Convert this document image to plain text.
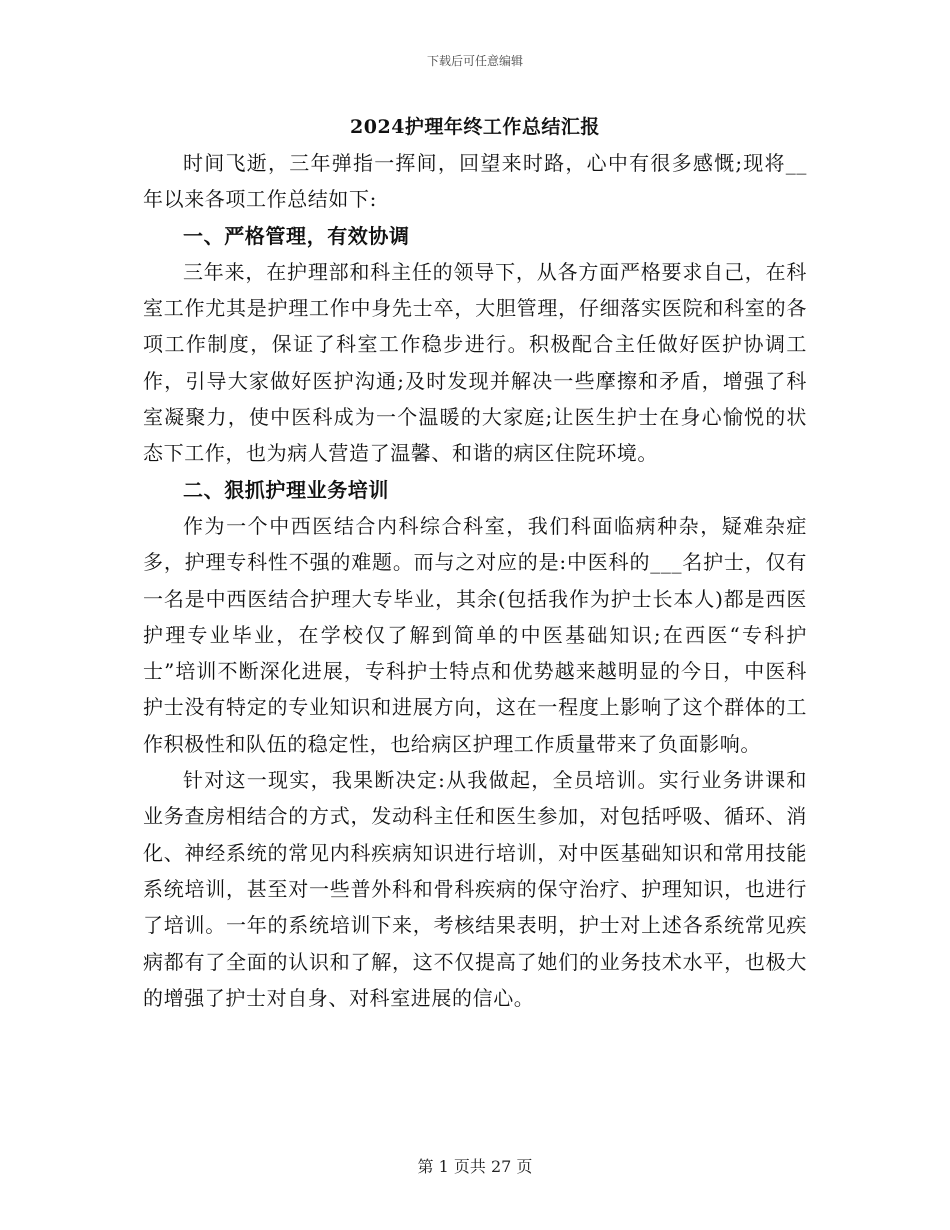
下载后可任意编辑
2024护理年终工作总结汇报

时间飞逝，三年弹指一挥间，回望来时路，心中有很多感慨;现将__年以来各项工作总结如下:

一、严格管理，有效协调

三年来，在护理部和科主任的领导下，从各方面严格要求自己，在科室工作尤其是护理工作中身先士卒，大胆管理，仔细落实医院和科室的各项工作制度，保证了科室工作稳步进行。积极配合主任做好医护协调工作，引导大家做好医护沟通;及时发现并解决一些摩擦和矛盾，增强了科室凝聚力，使中医科成为一个温暖的大家庭;让医生护士在身心愉悦的状态下工作，也为病人营造了温馨、和谐的病区住院环境。

二、狠抓护理业务培训

作为一个中西医结合内科综合科室，我们科面临病种杂，疑难杂症多，护理专科性不强的难题。而与之对应的是:中医科的___名护士，仅有一名是中西医结合护理大专毕业，其余(包括我作为护士长本人)都是西医护理专业毕业，在学校仅了解到简单的中医基础知识;在西医“专科护士”培训不断深化进展，专科护士特点和优势越来越明显的今日，中医科护士没有特定的专业知识和进展方向，这在一程度上影响了这个群体的工作积极性和队伍的稳定性，也给病区护理工作质量带来了负面影响。

针对这一现实，我果断决定:从我做起，全员培训。实行业务讲课和业务查房相结合的方式，发动科主任和医生参加，对包括呼吸、循环、消化、神经系统的常见内科疾病知识进行培训，对中医基础知识和常用技能系统培训，甚至对一些普外科和骨科疾病的保守治疗、护理知识，也进行了培训。一年的系统培训下来，考核结果表明，护士对上述各系统常见疾病都有了全面的认识和了解，这不仅提高了她们的业务技术水平，也极大的增强了护士对自身、对科室进展的信心。

第 1 页共 27 页
